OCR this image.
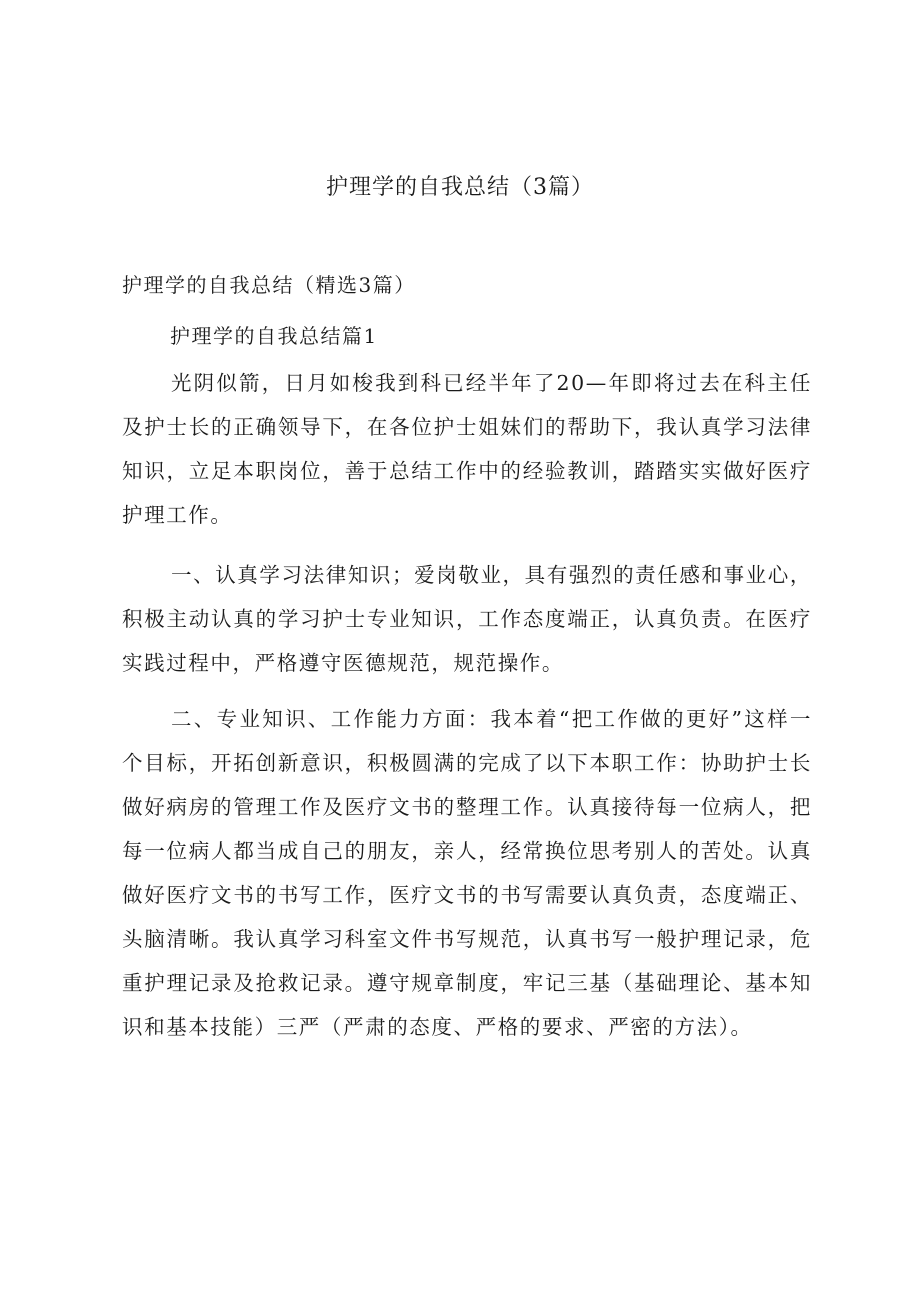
护理学的自我总结（3篇）

护理学的自我总结（精选3篇）

护理学的自我总结篇1

光阴似箭，日月如梭我到科已经半年了20—年即将过去在科主任及护士长的正确领导下，在各位护士姐妹们的帮助下，我认真学习法律知识，立足本职岗位，善于总结工作中的经验教训，踏踏实实做好医疗护理工作。

一、认真学习法律知识；爱岗敬业，具有强烈的责任感和事业心，积极主动认真的学习护士专业知识，工作态度端正，认真负责。在医疗实践过程中，严格遵守医德规范，规范操作。

二、专业知识、工作能力方面：我本着“把工作做的更好”这样一个目标，开拓创新意识，积极圆满的完成了以下本职工作：协助护士长做好病房的管理工作及医疗文书的整理工作。认真接待每一位病人，把每一位病人都当成自己的朋友，亲人，经常换位思考别人的苦处。认真做好医疗文书的书写工作，医疗文书的书写需要认真负责，态度端正、头脑清晰。我认真学习科室文件书写规范，认真书写一般护理记录，危重护理记录及抢救记录。遵守规章制度，牢记三基（基础理论、基本知识和基本技能）三严（严肃的态度、严格的要求、严密的方法）。
